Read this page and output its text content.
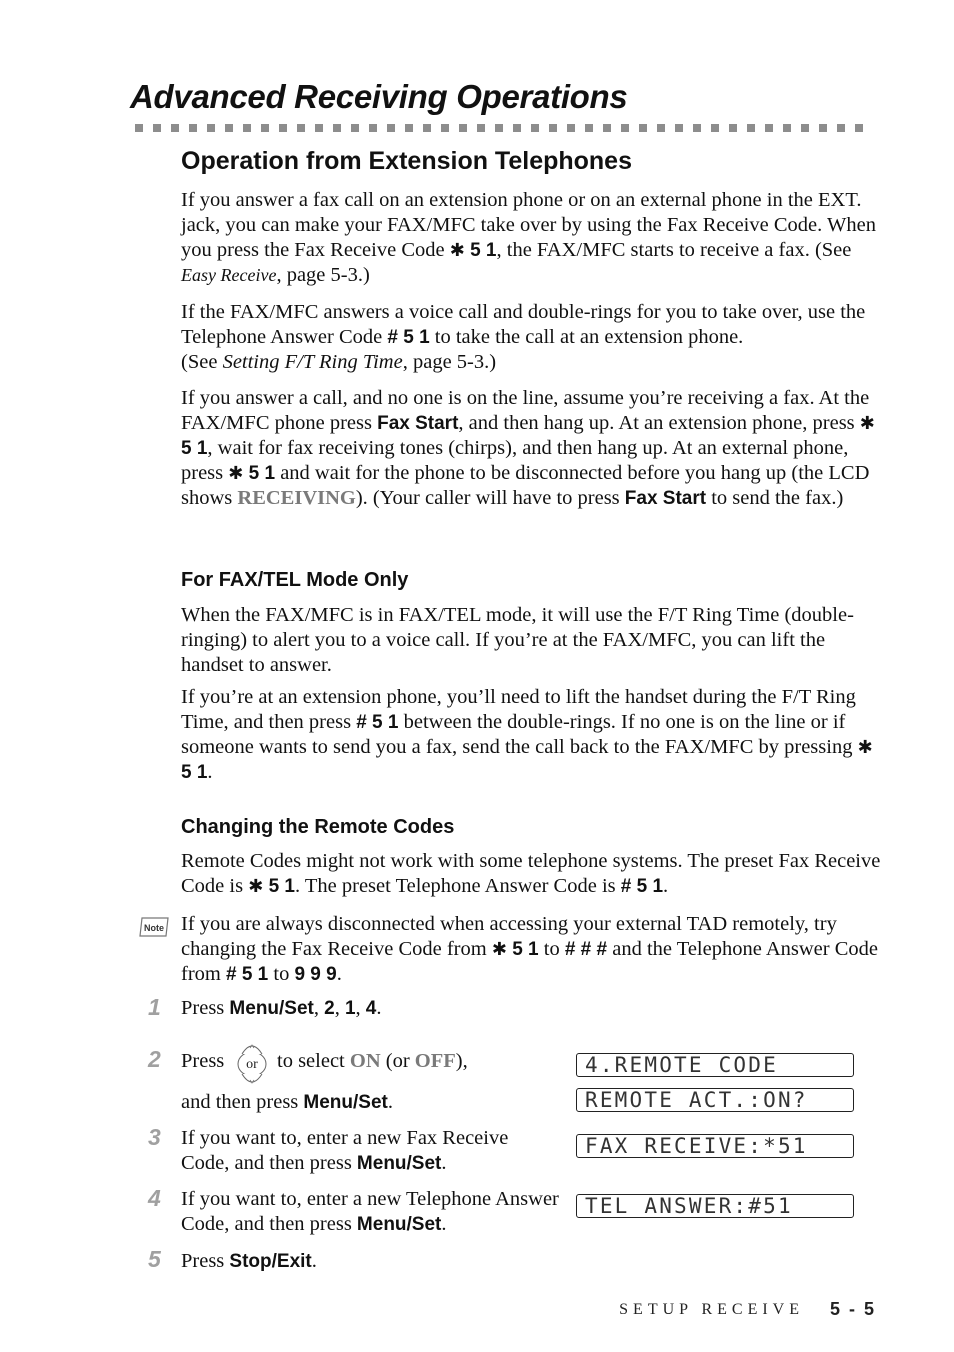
Advanced Receiving Operations
Operation from Extension Telephones

If you answer a fax call on an extension phone or on an external phone in the EXT. jack, you can make your FAX/MFC take over by using the Fax Receive Code. When you press the Fax Receive Code ✱ 5 1, the FAX/MFC starts to receive a fax. (See Easy Receive, page 5-3.)

If the FAX/MFC answers a voice call and double-rings for you to take over, use the Telephone Answer Code # 5 1 to take the call at an extension phone.
(See Setting F/T Ring Time, page 5-3.)

If you answer a call, and no one is on the line, assume you’re receiving a fax. At the FAX/MFC phone press Fax Start, and then hang up. At an extension phone, press ✱ 5 1, wait for fax receiving tones (chirps), and then hang up. At an external phone, press ✱ 5 1 and wait for the phone to be disconnected before you hang up (the LCD shows RECEIVING). (Your caller will have to press Fax Start to send the fax.)

For FAX/TEL Mode Only

When the FAX/MFC is in FAX/TEL mode, it will use the F/T Ring Time (double-ringing) to alert you to a voice call. If you’re at the FAX/MFC, you can lift the handset to answer.

If you’re at an extension phone, you’ll need to lift the handset during the F/T Ring Time, and then press # 5 1 between the double-rings. If no one is on the line or if someone wants to send you a fax, send the call back to the FAX/MFC by pressing ✱ 5 1.

Changing the Remote Codes

Remote Codes might not work with some telephone systems. The preset Fax Receive Code is ✱ 5 1. The preset Telephone Answer Code is # 5 1.

Note If you are always disconnected when accessing your external TAD remotely, try changing the Fax Receive Code from ✱ 5 1 to # # # and the Telephone Answer Code from # 5 1 to 9 9 9.

1 Press Menu/Set, 2, 1, 4.

2 Press	or to select ON (or OFF),

and then press Menu/Set.

3 If you want to, enter a new Fax Receive Code, and then press Menu/Set.

4 If you want to, enter a new Telephone Answer Code, and then press Menu/Set.

5 Press Stop/Exit.

4.REMOTE CODE
REMOTE ACT.:ON?
FAX RECEIVE:*51
TEL ANSWER:#51
SETUP RECEIVE 5 - 5
